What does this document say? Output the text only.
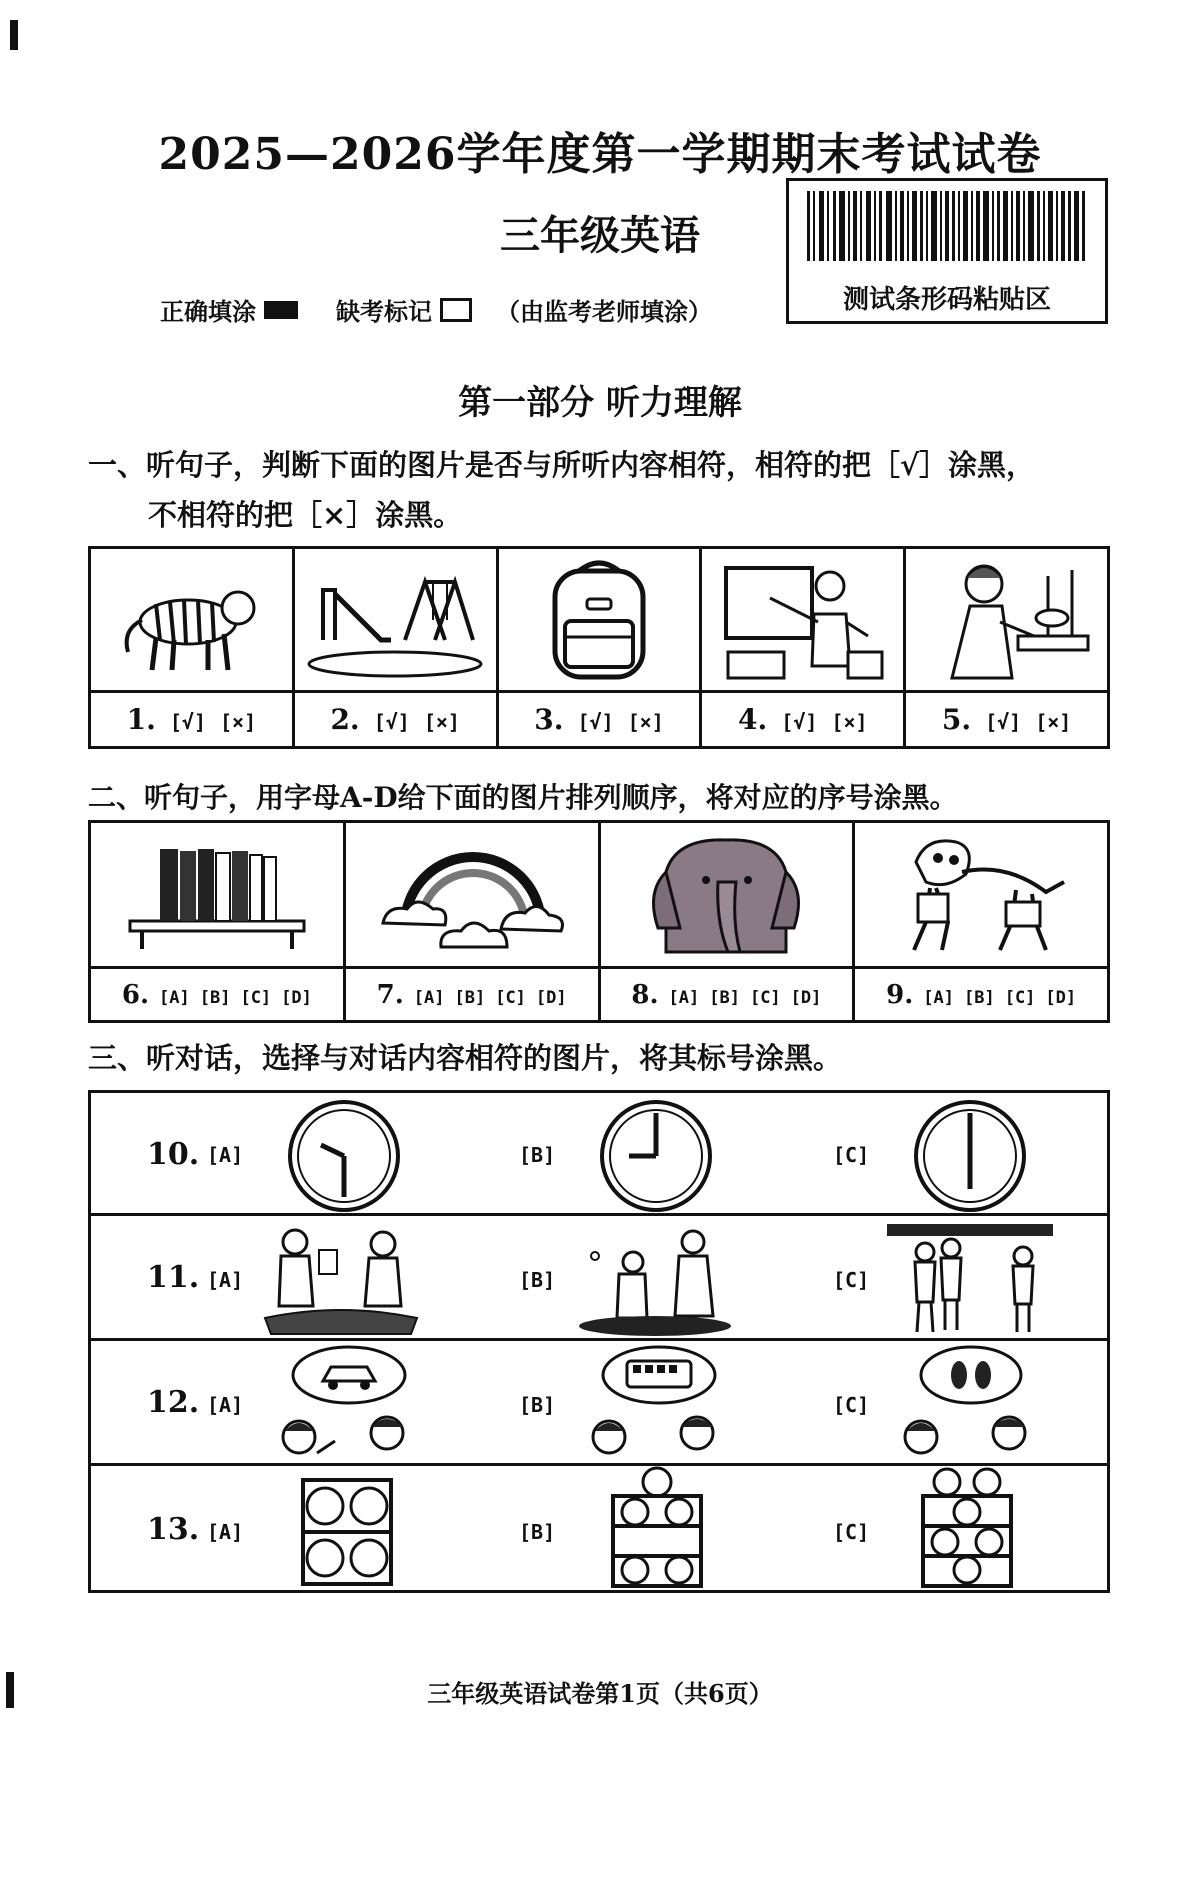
2025—2026学年度第一学期期末考试试卷
三年级英语
正确填涂	缺考标记	（由监考老师填涂）	测试条形码粘贴区
第一部分 听力理解
一、听句子，判断下面的图片是否与所听内容相符，相符的把［√］涂黑，
不相符的把［×］涂黑。

1. [√] [×]	2. [√] [×]	3. [√] [×]	4. [√] [×]	5. [√] [×]
二、听句子，用字母A-D给下面的图片排列顺序，将对应的序号涂黑。

6. [A] [B] [C] [D]	7. [A] [B] [C] [D]	8. [A] [B] [C] [D]	9. [A] [B] [C] [D]
三、听对话，选择与对话内容相符的图片，将其标号涂黑。
10. [A]	[B]	[C]
11. [A]	[B]	[C]
12. [A]	[B]	[C]
13. [A]	[B]	[C]
三年级英语试卷第1页（共6页）
